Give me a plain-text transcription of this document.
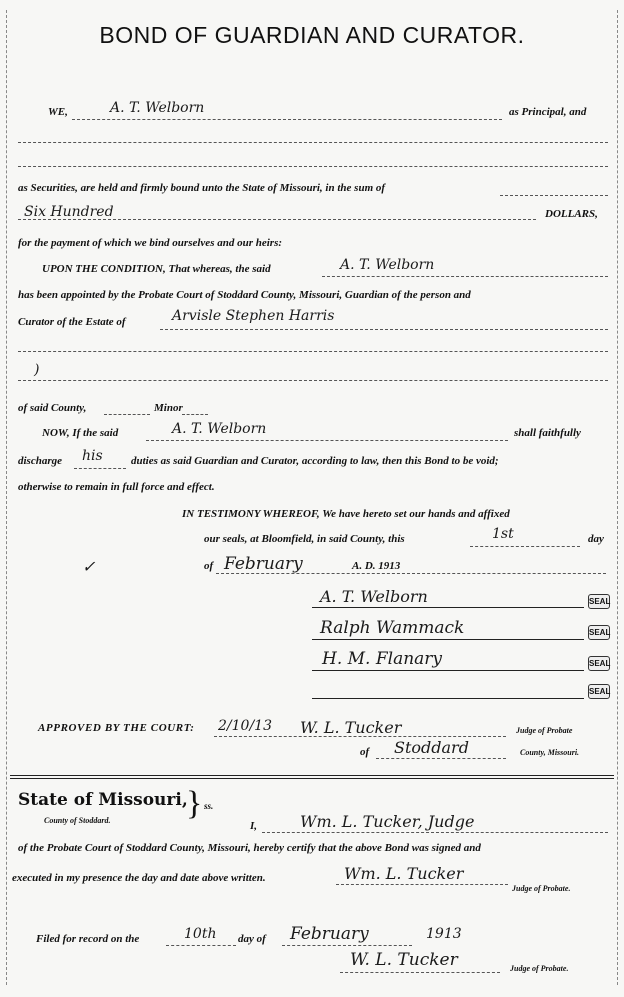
BOND OF GUARDIAN AND CURATOR.
WE,	A. T. Welborn	as Principal, and
as Securities, are held and firmly bound unto the State of Missouri, in the sum of
Six Hundred	DOLLARS,
for the payment of which we bind ourselves and our heirs:
UPON THE CONDITION, That whereas, the said	A. T. Welborn
has been appointed by the Probate Court of Stoddard County, Missouri, Guardian of the person and
Curator of the Estate of	Arvisle Stephen Harris
)
of said County,	Minor
NOW, If the said	A. T. Welborn	shall faithfully
discharge his	duties as said Guardian and Curator, according to law, then this Bond to be void;
otherwise to remain in full force and effect.
IN TESTIMONY WHEREOF, We have hereto set our hands and affixed
our seals, at Bloomfield, in said County, this	1st	day
of February	A. D. 1913
✓
A. T. Welborn	SEAL
Ralph Wammack	SEAL
H. M. Flanary	SEAL
SEAL
APPROVED BY THE COURT: 2/10/13 W. L. Tucker	Judge of Probate
of Stoddard	County, Missouri.
State of Missouri,
County of Stoddard. } ss.
I,	Wm. L. Tucker, Judge
of the Probate Court of Stoddard County, Missouri, hereby certify that the above Bond was signed and
executed in my presence the day and date above written.	Wm. L. Tucker
Judge of Probate.
Filed for record on the	10th day of February	1913
W. L. Tucker	Judge of Probate.
